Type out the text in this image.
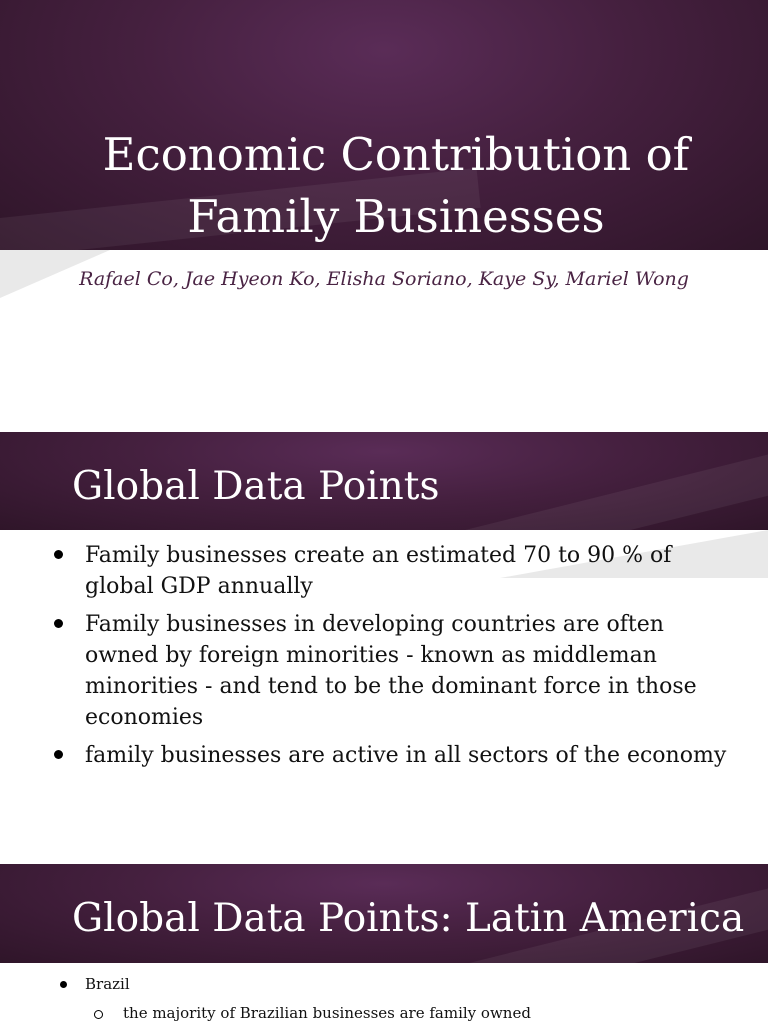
Economic Contribution of
Family Businesses
Rafael Co, Jae Hyeon Ko, Elisha Soriano, Kaye Sy, Mariel Wong
Global Data Points
Family businesses create an estimated 70 to 90 % of global GDP annually
Family businesses in developing countries are often owned by foreign minorities - known as middleman minorities - and tend to be the dominant force in those economies
family businesses are active in all sectors of the economy
Global Data Points: Latin America
Brazil
the majority of Brazilian businesses are family owned
